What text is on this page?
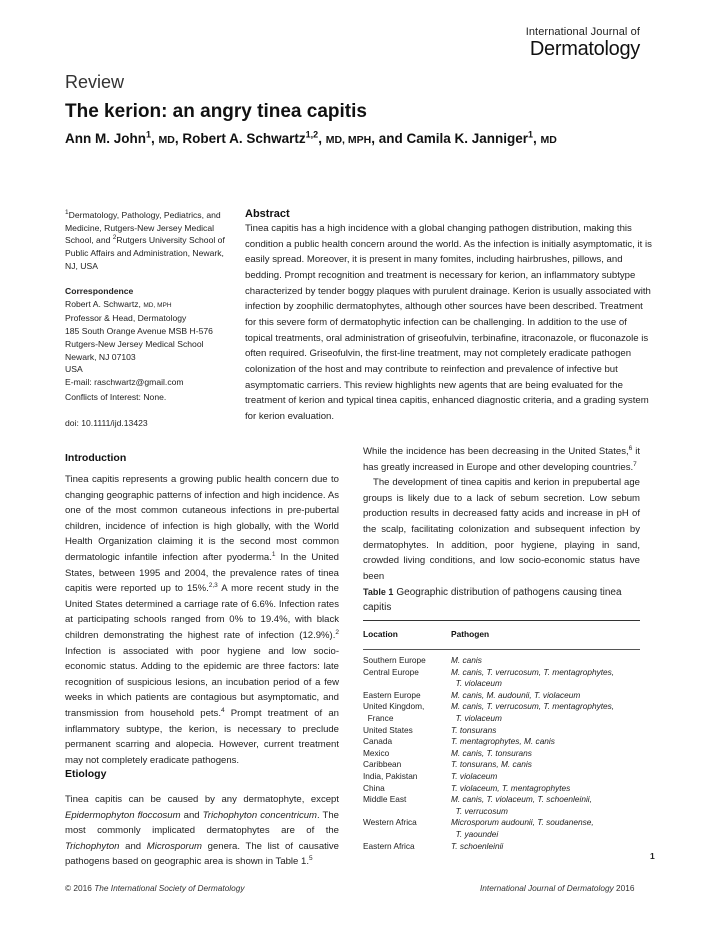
International Journal of
Dermatology
Review
The kerion: an angry tinea capitis
Ann M. John$^1$, MD, Robert A. Schwartz$^{1,2}$, MD, MPH, and Camila K. Janniger$^1$, MD
$^1$Dermatology, Pathology, Pediatrics, and Medicine, Rutgers-New Jersey Medical School, and $^2$Rutgers University School of Public Affairs and Administration, Newark, NJ, USA
Correspondence
Robert A. Schwartz, MD, MPH
Professor & Head, Dermatology
185 South Orange Avenue MSB H-576
Rutgers-New Jersey Medical School
Newark, NJ 07103
USA
E-mail: raschwartz@gmail.com
Conflicts of Interest: None.
doi: 10.1111/ijd.13423
Abstract

Tinea capitis has a high incidence with a global changing pathogen distribution, making this condition a public health concern around the world. As the infection is initially asymptomatic, it is easily spread. Moreover, it is present in many fomites, including hairbrushes, pillows, and bedding. Prompt recognition and treatment is necessary for kerion, an inflammatory subtype characterized by tender boggy plaques with purulent drainage. Kerion is usually associated with infection by zoophilic dermatophytes, although other sources have been described. Treatment for this severe form of dermatophytic infection can be challenging. In addition to the use of topical treatments, oral administration of griseofulvin, terbinafine, itraconazole, or fluconazole is often required. Griseofulvin, the first-line treatment, may not completely eradicate pathogen colonization of the host and may contribute to reinfection and prevalence of infective but asymptomatic carriers. This review highlights new agents that are being evaluated for the treatment of kerion and typical tinea capitis, enhanced diagnostic criteria, and a grading system for kerion evaluation.

Introduction

Tinea capitis represents a growing public health concern due to changing geographic patterns of infection and high incidence. As one of the most common cutaneous infections in pre-pubertal children, incidence of infection is high globally, with the World Health Organization claiming it is the second most common dermatologic infantile infection after pyoderma.$^1$ In the United States, between 1995 and 2004, the prevalence rates of tinea capitis were reported up to 15%.$^{2,3}$ A more recent study in the United States determined a carriage rate of 6.6%. Infection rates at participating schools ranged from 0% to 19.4%, with black children demonstrating the highest rate of infection (12.9%).$^2$ Infection is associated with poor hygiene and low socio-economic status. Adding to the epidemic are three factors: late recognition of suspicious lesions, an incubation period of a few weeks in which patients are contagious but asymptomatic, and transmission from household pets.$^4$ Prompt treatment of an inflammatory subtype, the kerion, is necessary to preclude permanent scarring and alopecia. However, current treatment may not completely eradicate pathogens.

Etiology

Tinea capitis can be caused by any dermatophyte, except Epidermophyton floccosum and Trichophyton concentricum. The most commonly implicated dermatophytes are of the Trichophyton and Microsporum genera. The list of causative pathogens based on geographic area is shown in Table 1.$^5$

While the incidence has been decreasing in the United States,$^6$ it has greatly increased in Europe and other developing countries.$^7$

The development of tinea capitis and kerion in prepubertal age groups is likely due to a lack of sebum secretion. Low sebum production results in decreased fatty acids and increase in pH of the scalp, facilitating colonization and subsequent infection by dermatophytes. In addition, poor hygiene, playing in sand, crowded living conditions, and low socio-economic status have been

Table 1 Geographic distribution of pathogens causing tinea capitis
Location	Pathogen
Southern Europe	M. canis
Central Europe	M. canis, T. verrucosum, T. mentagrophytes,
T. violaceum
Eastern Europe	M. canis, M. audounii, T. violaceum
United Kingdom,
France	M. canis, T. verrucosum, T. mentagrophytes,
T. violaceum
United States	T. tonsurans
Canada	T. mentagrophytes, M. canis
Mexico	M. canis, T. tonsurans
Caribbean	T. tonsurans, M. canis
India, Pakistan	T. violaceum
China	T. violaceum, T. mentagrophytes
Middle East	M. canis, T. violaceum, T. schoenleinii,
T. verrucosum
Western Africa	Microsporum audounii, T. soudanense,
T. yaoundei
Eastern Africa	T. schoenleinii
1
© 2016 The International Society of Dermatology	International Journal of Dermatology 2016
